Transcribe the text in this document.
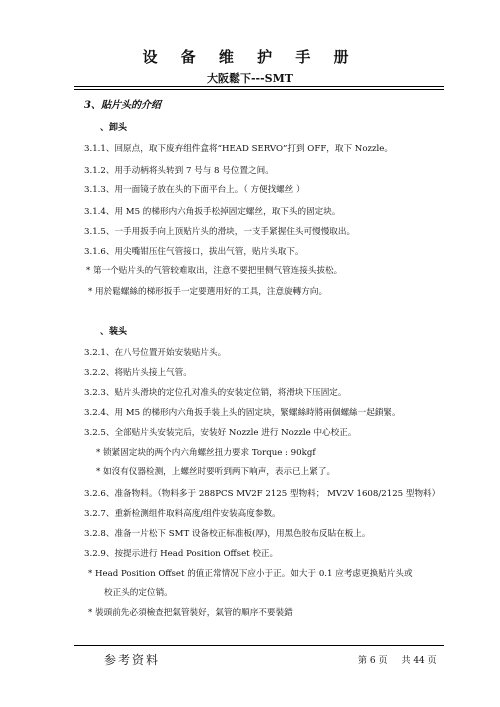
设 备 维 护 手 册
大阪鬆下---SMT
3、貼片头的介绍
、卸头
3.1.1、回原点，取下废弃组件盒将“HEAD SERVO”打到 OFF，取下 Nozzle。
3.1.2、用手动柄将头转到 7 号与 8 号位置之间。
3.1.3、用一面镜子放在头的下面平台上。（ 方便找螺丝 ）
3.1.4、用 M5 的梯形内六角扳手松掉固定螺丝，取下头的固定块。
3.1.5、一手用扳手向上顶贴片头的滑块，一支手紧握住头可慢慢取出。
3.1.6、用尖嘴钳压住气管接口，拔出气管，贴片头取下。
* 第一个贴片头的气管较难取出，注意不要把里侧气管连接头拔松。
* 用於鬆螺絲的梯形扳手一定要選用好的工具，注意旋轉方向。
、装头
3.2.1、在八号位置开始安装贴片头。
3.2.2、将贴片头接上气管。
3.2.3、贴片头滑块的定位孔对准头的安装定位销，将滑块下压固定。
3.2.4、用 M5 的梯形内六角扳手装上头的固定块，緊螺絲時將兩個螺絲一起鎖緊。
3.2.5、全部贴片头安装完后，安装好 Nozzle 进行 Nozzle 中心校正。
* 锁紧固定块的两个内六角螺丝扭力要求 Torque : 90kgf
* 如沒有仪器检测，上螺丝时要听到两下响声，表示已上紧了。
3.2.6、准备物料。（物料多于 288PCS MV2F 2125 型物料； MV2V 1608/2125 型物料）
3.2.7、重新检测组件取料高度/组件安装高度参数。
3.2.8、准备一片松下 SMT 设备校正标准板(厚)，用黑色胶布反貼在板上。
3.2.9、按提示进行 Head Position Offset 校正。
* Head Position Offset 的值正常情况下应小于正。如大于 0.1 应考虑更换贴片头或
校正头的定位销。
* 裝頭前先必須檢查把氣管裝好，氣管的順序不要裝錯
参考资料	第 6 页 共 44 页
